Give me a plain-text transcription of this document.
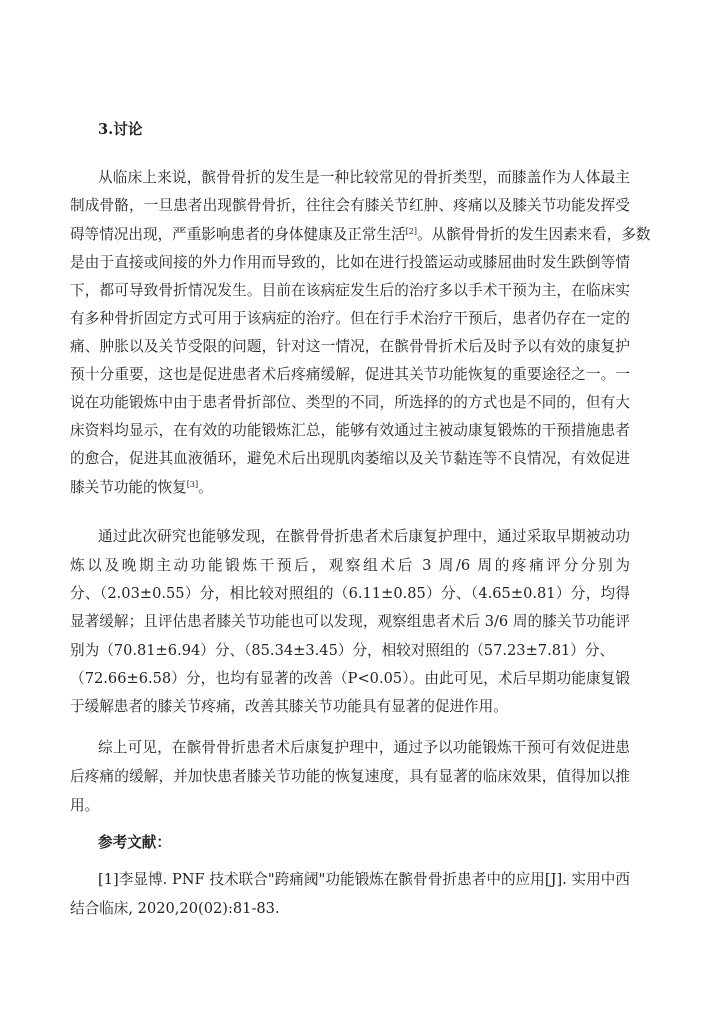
3.讨论
从临床上来说，髌骨骨折的发生是一种比较常见的骨折类型，而膝盖作为人体最主
制成骨骼，一旦患者出现髌骨骨折，往往会有膝关节红肿、疼痛以及膝关节功能发挥受
碍等情况出现，严重影响患者的身体健康及正常生活[2]。从髌骨骨折的发生因素来看，多数
是由于直接或间接的外力作用而导致的，比如在进行投篮运动或膝屈曲时发生跌倒等情
下，都可导致骨折情况发生。目前在该病症发生后的治疗多以手术干预为主，在临床实
有多种骨折固定方式可用于该病症的治疗。但在行手术治疗干预后，患者仍存在一定的
痛、肿胀以及关节受限的问题，针对这一情况，在髌骨骨折术后及时予以有效的康复护
预十分重要，这也是促进患者术后疼痛缓解，促进其关节功能恢复的重要途径之一。一
说在功能锻炼中由于患者骨折部位、类型的不同，所选择的的方式也是不同的，但有大
床资料均显示，在有效的功能锻炼汇总，能够有效通过主被动康复锻炼的干预措施患者
的愈合，促进其血液循环，避免术后出现肌肉萎缩以及关节黏连等不良情况，有效促进
膝关节功能的恢复[3]。
通过此次研究也能够发现，在髌骨骨折患者术后康复护理中，通过采取早期被动功
炼以及晚期主动功能锻炼干预后，观察组术后 3 周/6 周的疼痛评分分别为
分、（2.03±0.55）分，相比较对照组的（6.11±0.85）分、（4.65±0.81）分，均得
显著缓解；且评估患者膝关节功能也可以发现，观察组患者术后 3/6 周的膝关节功能评
别为（70.81±6.94）分、（85.34±3.45）分，相较对照组的（57.23±7.81）分、
（72.66±6.58）分，也均有显著的改善（P<0.05）。由此可见，术后早期功能康复锻
于缓解患者的膝关节疼痛，改善其膝关节功能具有显著的促进作用。
综上可见，在髌骨骨折患者术后康复护理中，通过予以功能锻炼干预可有效促进患
后疼痛的缓解，并加快患者膝关节功能的恢复速度，具有显著的临床效果，值得加以推
用。
参考文献：
[1]李显博. PNF 技术联合"跨痛阈"功能锻炼在髌骨骨折患者中的应用[J]. 实用中西
结合临床, 2020,20(02):81-83.
